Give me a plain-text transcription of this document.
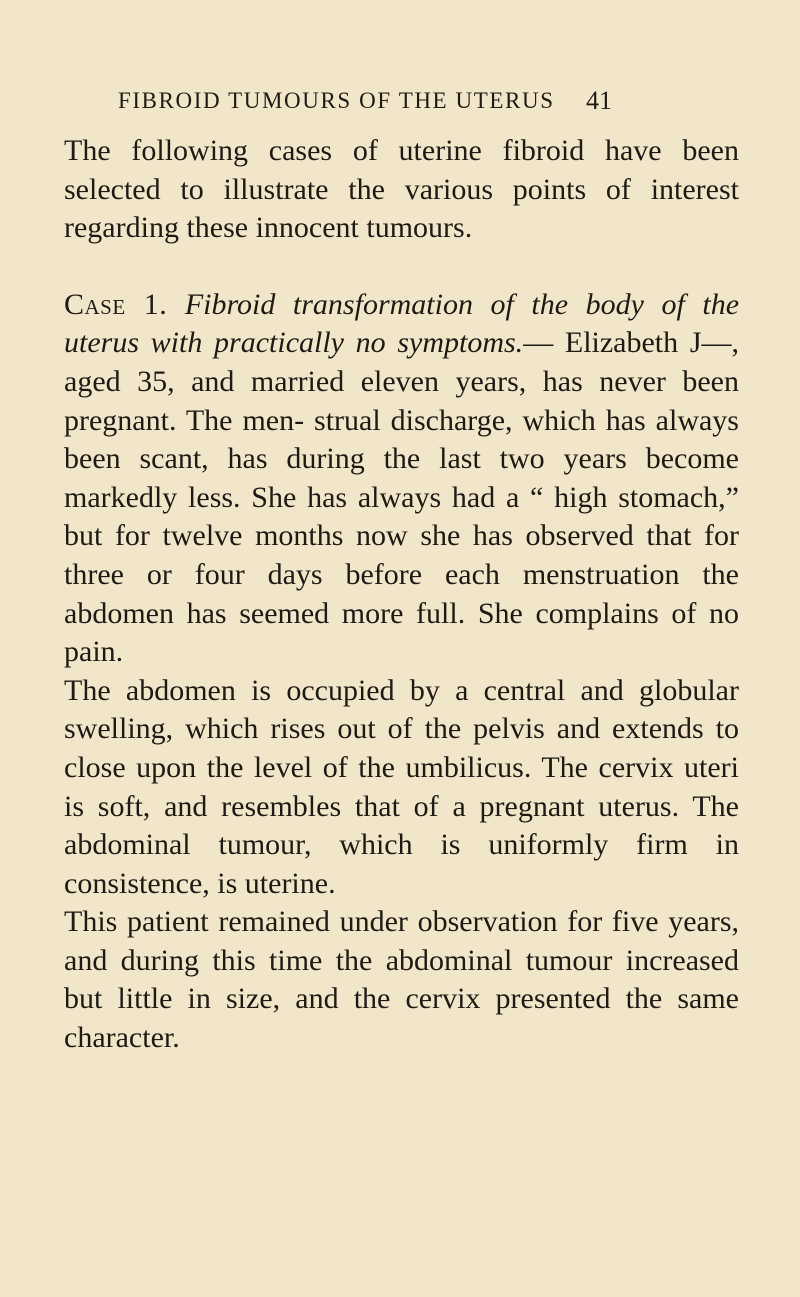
FIBROID TUMOURS OF THE UTERUS	41

The following cases of uterine fibroid have been selected to illustrate the various points of interest regarding these innocent tumours.

Case 1. Fibroid transformation of the body of the uterus with practically no symptoms.— Elizabeth J—, aged 35, and married eleven years, has never been pregnant. The men- strual discharge, which has always been scant, has during the last two years become markedly less. She has always had a “ high stomach,” but for twelve months now she has observed that for three or four days before each menstruation the abdomen has seemed more full. She complains of no pain.

The abdomen is occupied by a central and globular swelling, which rises out of the pelvis and extends to close upon the level of the umbilicus. The cervix uteri is soft, and resembles that of a pregnant uterus. The abdominal tumour, which is uniformly firm in consistence, is uterine.

This patient remained under observation for five years, and during this time the abdominal tumour increased but little in size, and the cervix presented the same character.
